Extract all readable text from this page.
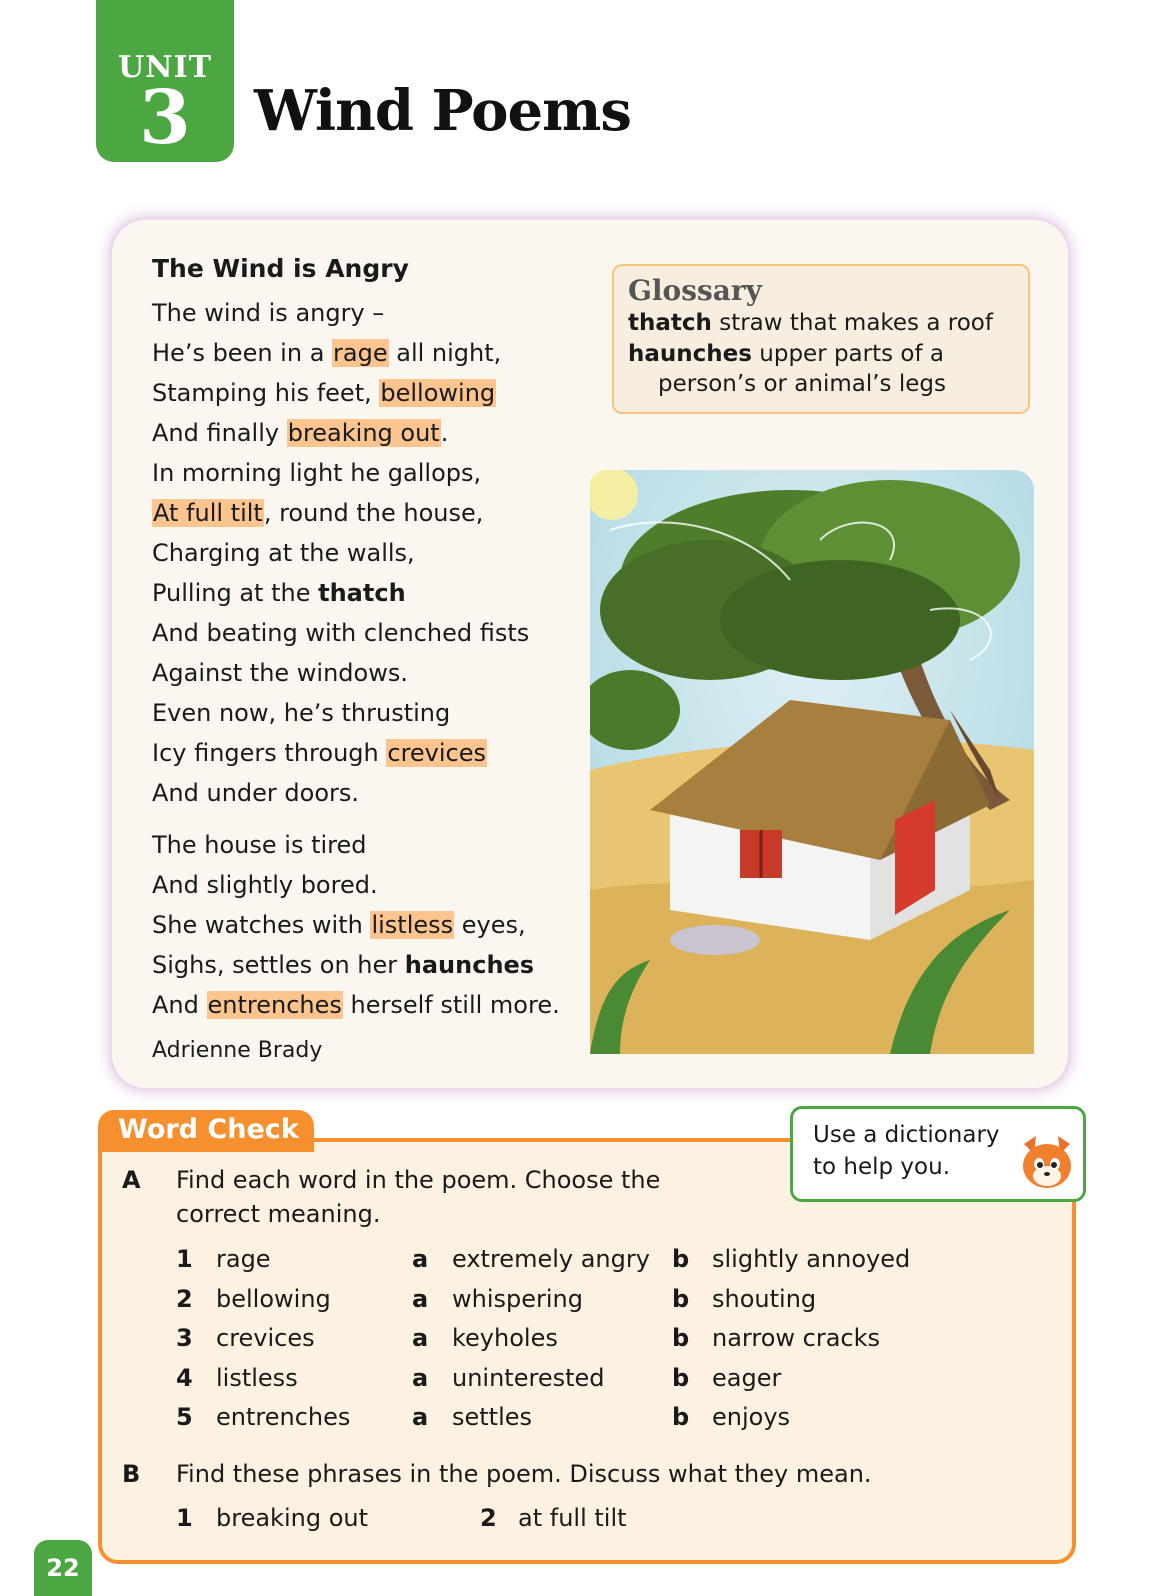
UNIT
3	Wind Poems
The Wind is Angry
The wind is angry –
He’s been in a rage all night,
Stamping his feet, bellowing
And finally breaking out.
In morning light he gallops,
At full tilt, round the house,
Charging at the walls,
Pulling at the thatch
And beating with clenched fists
Against the windows.
Even now, he’s thrusting
Icy fingers through crevices
And under doors.
The house is tired
And slightly bored.
She watches with listless eyes,
Sighs, settles on her haunches
And entrenches herself still more.
Adrienne Brady
Glossary
thatch straw that makes a roof
haunches upper parts of a
person’s or animal’s legs
Word Check	Use a dictionary to help you.
A Find each word in the poem. Choose the
correct meaning.
1 rage	a extremely angry b slightly annoyed
2 bellowing	a whispering	b shouting
3 crevices	a keyholes	b narrow cracks
4 listless	a uninterested	b eager
5 entrenches	a settles	b enjoys
B Find these phrases in the poem. Discuss what they mean.
1 breaking out	2 at full tilt
22
